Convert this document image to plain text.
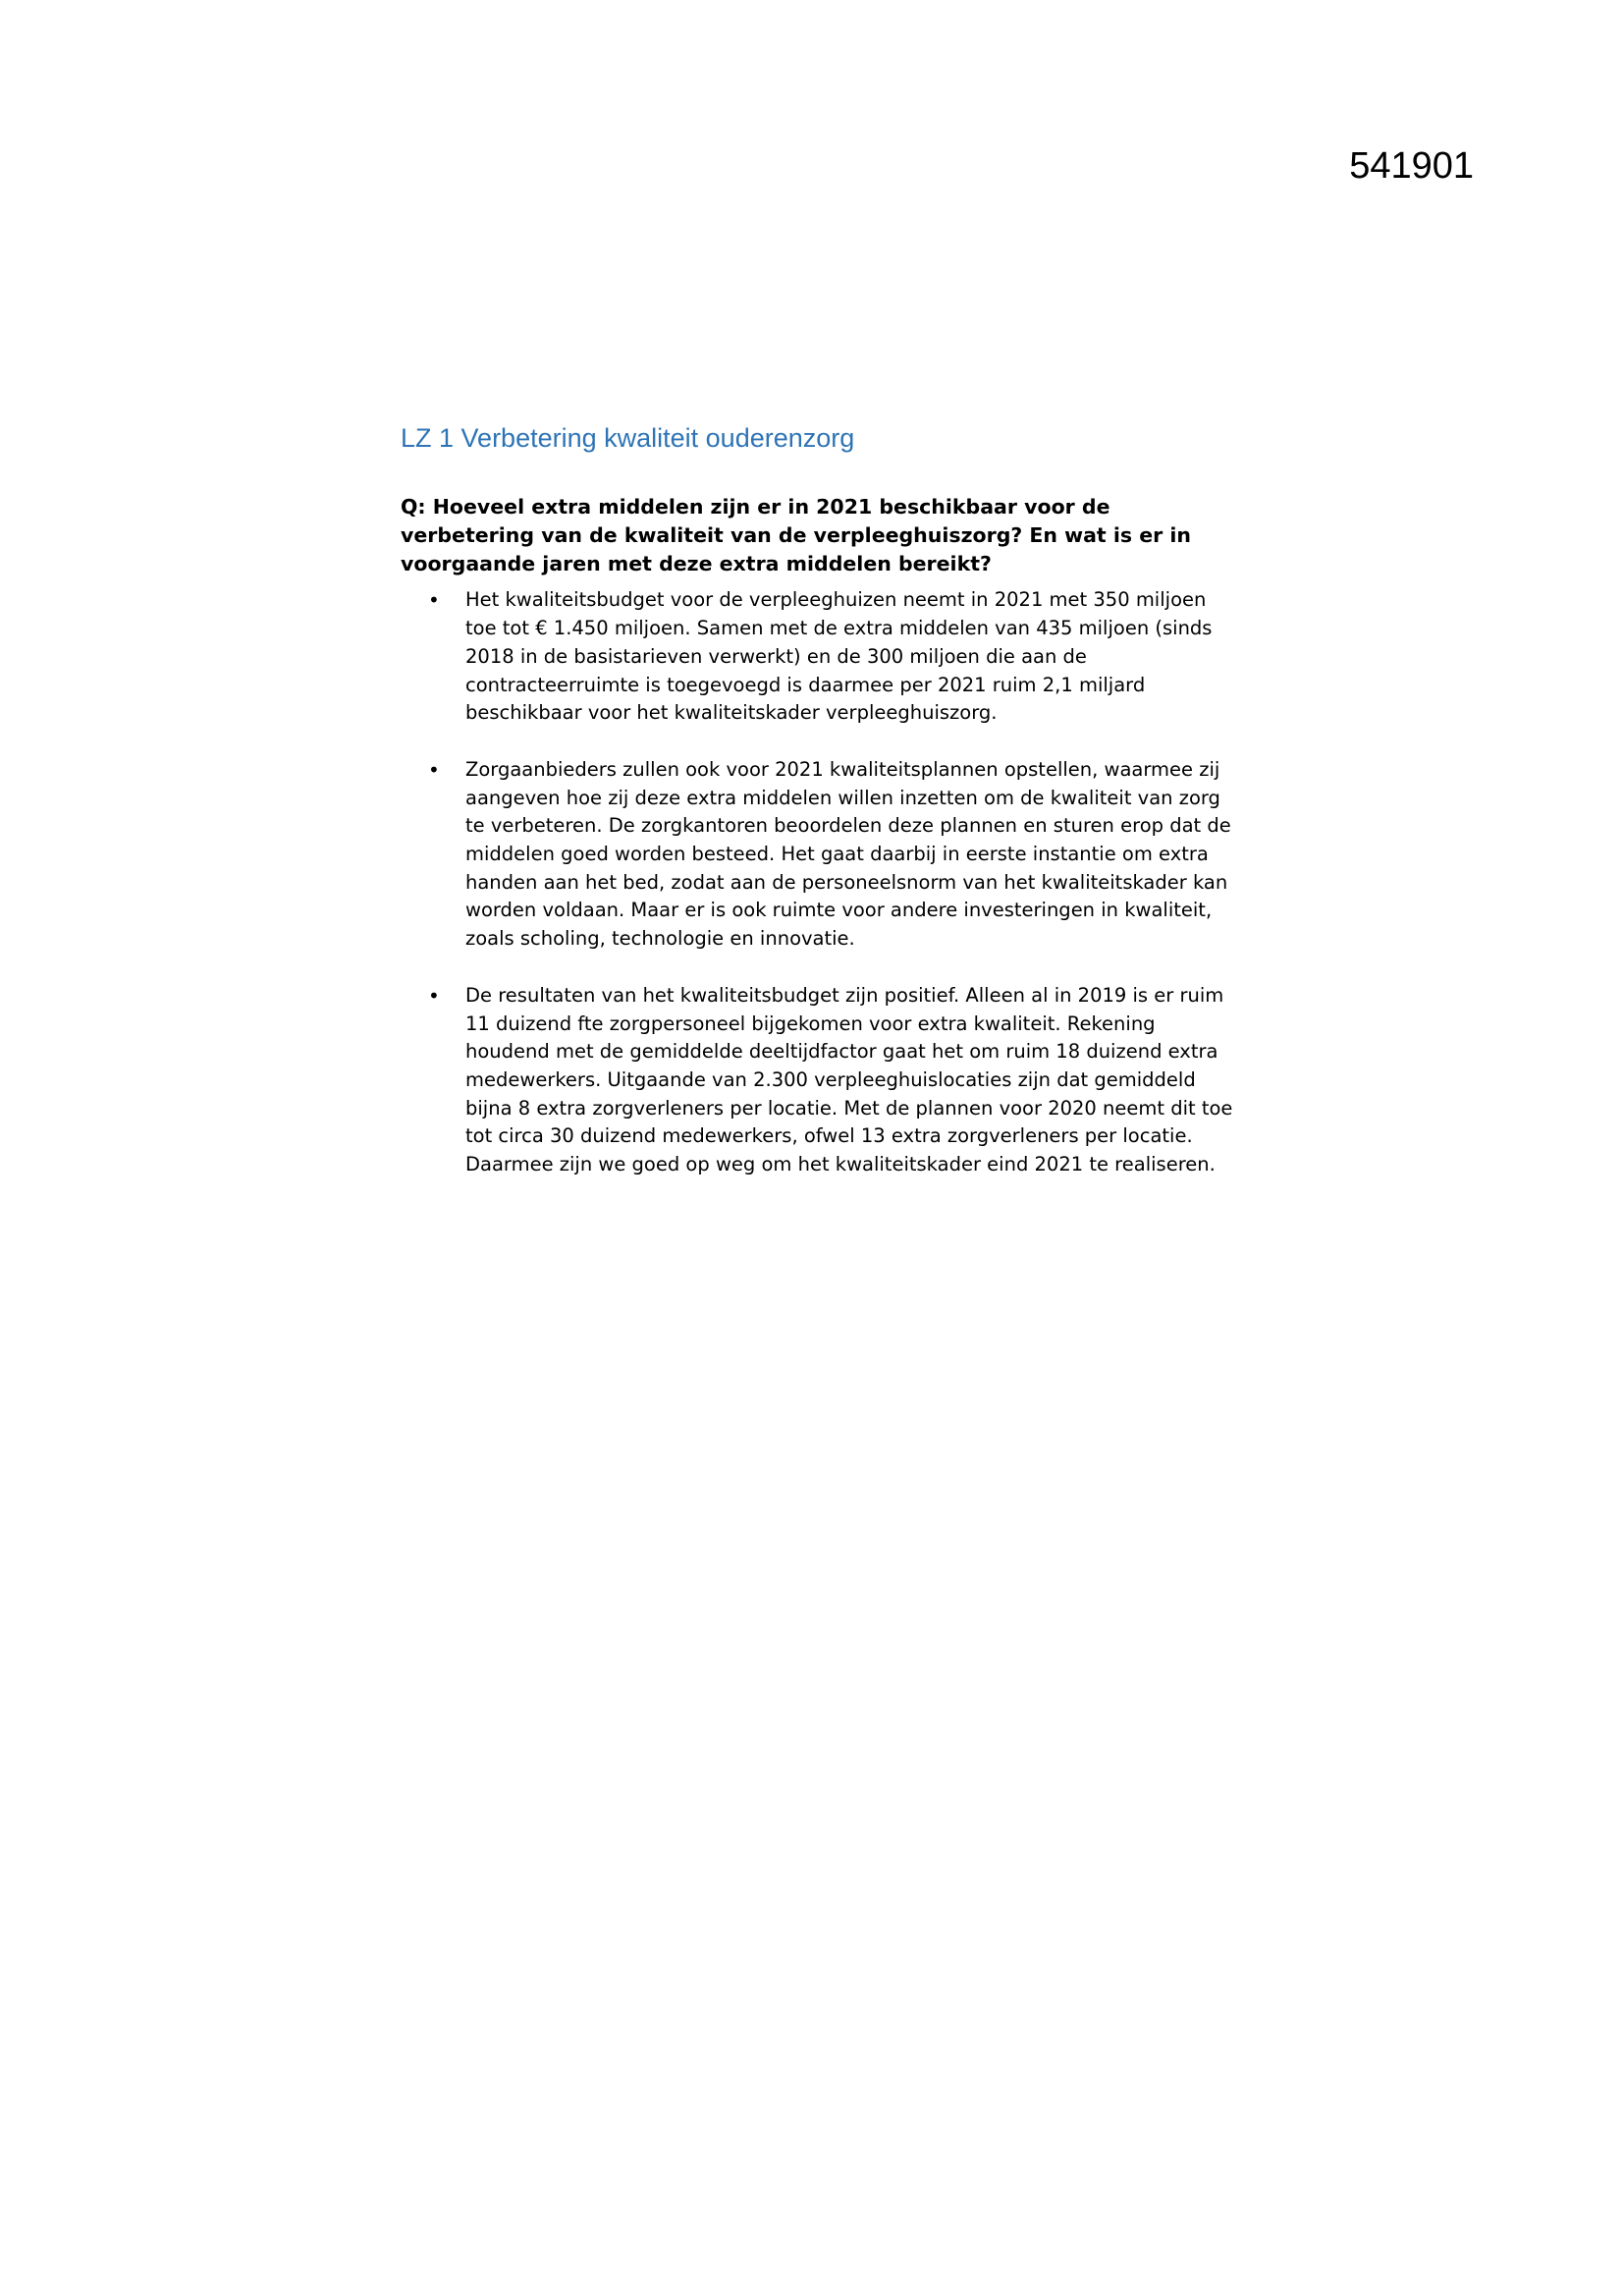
541901
LZ 1 Verbetering kwaliteit ouderenzorg

Q: Hoeveel extra middelen zijn er in 2021 beschikbaar voor de verbetering van de kwaliteit van de verpleeghuiszorg? En wat is er in voorgaande jaren met deze extra middelen bereikt?

• Het kwaliteitsbudget voor de verpleeghuizen neemt in 2021 met 350 miljoen toe tot € 1.450 miljoen. Samen met de extra middelen van 435 miljoen (sinds 2018 in de basistarieven verwerkt) en de 300 miljoen die aan de contracteerruimte is toegevoegd is daarmee per 2021 ruim 2,1 miljard beschikbaar voor het kwaliteitskader verpleeghuiszorg.

• Zorgaanbieders zullen ook voor 2021 kwaliteitsplannen opstellen, waarmee zij aangeven hoe zij deze extra middelen willen inzetten om de kwaliteit van zorg te verbeteren. De zorgkantoren beoordelen deze plannen en sturen erop dat de middelen goed worden besteed. Het gaat daarbij in eerste instantie om extra handen aan het bed, zodat aan de personeelsnorm van het kwaliteitskader kan worden voldaan. Maar er is ook ruimte voor andere investeringen in kwaliteit, zoals scholing, technologie en innovatie.

• De resultaten van het kwaliteitsbudget zijn positief. Alleen al in 2019 is er ruim 11 duizend fte zorgpersoneel bijgekomen voor extra kwaliteit. Rekening houdend met de gemiddelde deeltijdfactor gaat het om ruim 18 duizend extra medewerkers. Uitgaande van 2.300 verpleeghuislocaties zijn dat gemiddeld bijna 8 extra zorgverleners per locatie. Met de plannen voor 2020 neemt dit toe tot circa 30 duizend medewerkers, ofwel 13 extra zorgverleners per locatie. Daarmee zijn we goed op weg om het kwaliteitskader eind 2021 te realiseren.
